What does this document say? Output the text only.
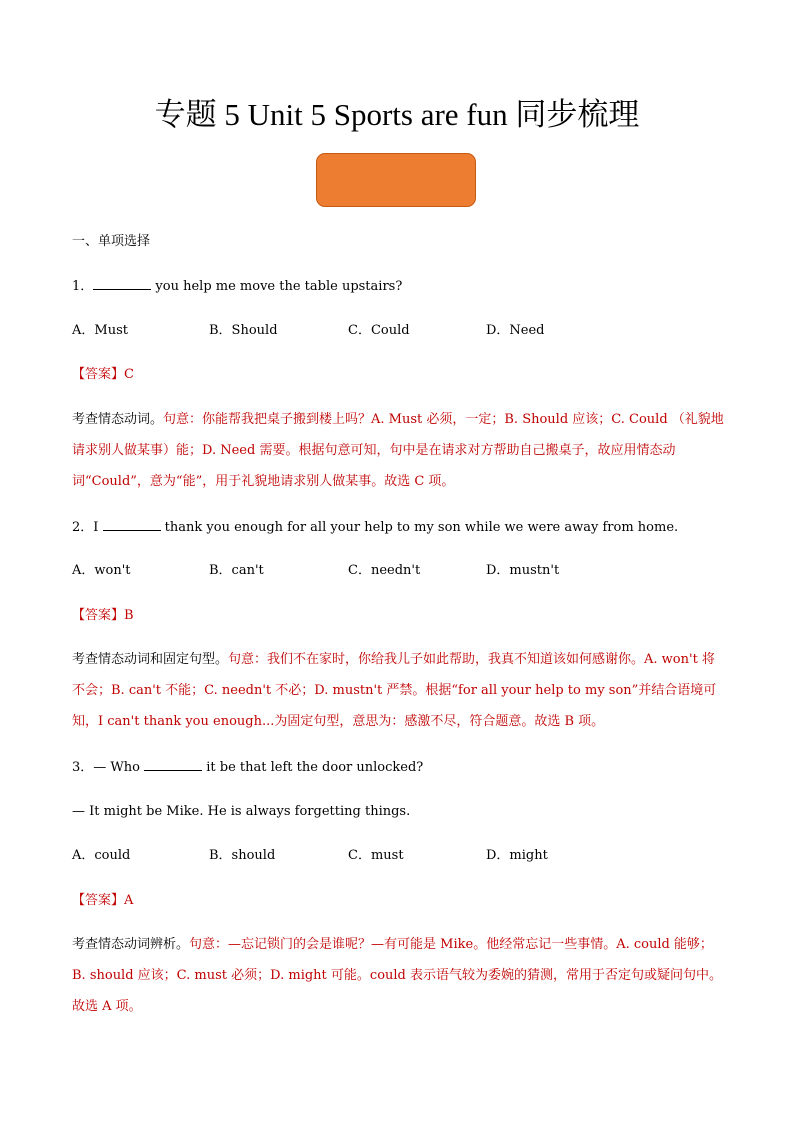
专题 5 Unit 5 Sports are fun 同步梳理
一、单项选择
1．	you help me move the table upstairs?
A．Must	B．Should	C．Could	D．Need
【答案】C
考查情态动词。句意：你能帮我把桌子搬到楼上吗？A. Must 必须，一定；B. Should 应该；C. Could （礼貌地请求别人做某事）能；D. Need 需要。根据句意可知，句中是在请求对方帮助自己搬桌子，故应用情态动词“Could”，意为“能”，用于礼貌地请求别人做某事。故选 C 项。
2．I	thank you enough for all your help to my son while we were away from home.
A．won't	B．can't	C．needn't	D．mustn't
【答案】B
考查情态动词和固定句型。句意：我们不在家时，你给我儿子如此帮助，我真不知道该如何感谢你。A. won't 将不会；B. can't 不能；C. needn't 不必；D. mustn't 严禁。根据“for all your help to my son”并结合语境可知，I can't thank you enough...为固定句型，意思为：感激不尽，符合题意。故选 B 项。
3．— Who	it be that left the door unlocked?
— It might be Mike. He is always forgetting things.
A．could	B．should	C．must	D．might
【答案】A
考查情态动词辨析。句意：—忘记锁门的会是谁呢？—有可能是 Mike。他经常忘记一些事情。A. could 能够；B. should 应该；C. must 必须；D. might 可能。could 表示语气较为委婉的猜测，常用于否定句或疑问句中。故选 A 项。
